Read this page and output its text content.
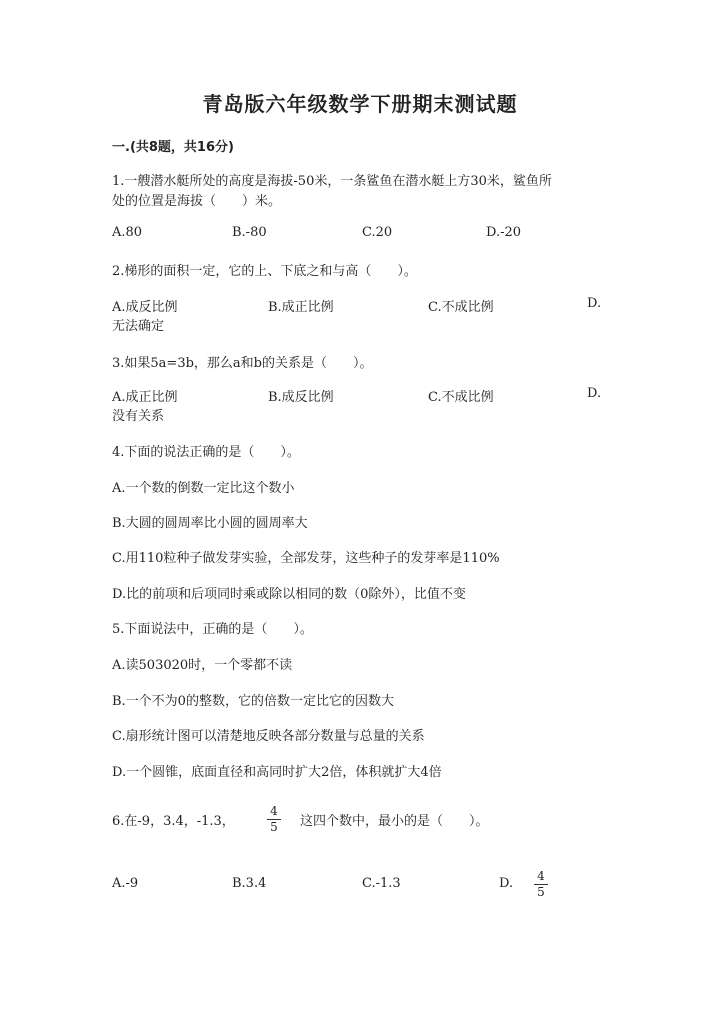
青岛版六年级数学下册期末测试题
一.(共8题，共16分)
1.一艘潜水艇所处的高度是海拔-50米，一条鲨鱼在潜水艇上方30米，鲨鱼所
处的位置是海拔（　　）米。
A.80	B.-80	C.20	D.-20
2.梯形的面积一定，它的上、下底之和与高（　　）。
A.成反比例	B.成正比例	C.不成比例	D.
无法确定
3.如果5a=3b，那么a和b的关系是（　　）。
A.成正比例	B.成反比例	C.不成比例	D.
没有关系
4.下面的说法正确的是（　　）。
A.一个数的倒数一定比这个数小
B.大圆的圆周率比小圆的圆周率大
C.用110粒种子做发芽实验，全部发芽，这些种子的发芽率是110%
D.比的前项和后项同时乘或除以相同的数（0除外），比值不变
5.下面说法中，正确的是（　　）。
A.读503020时，一个零都不读
B.一个不为0的整数，它的倍数一定比它的因数大
C.扇形统计图可以清楚地反映各部分数量与总量的关系
D.一个圆锥，底面直径和高同时扩大2倍，体积就扩大4倍
6.在-9，3.4，-1.3，
4
5 这四个数中，最小的是（　　）。
A.-9	B.3.4	C.-1.3	D. 4
5
